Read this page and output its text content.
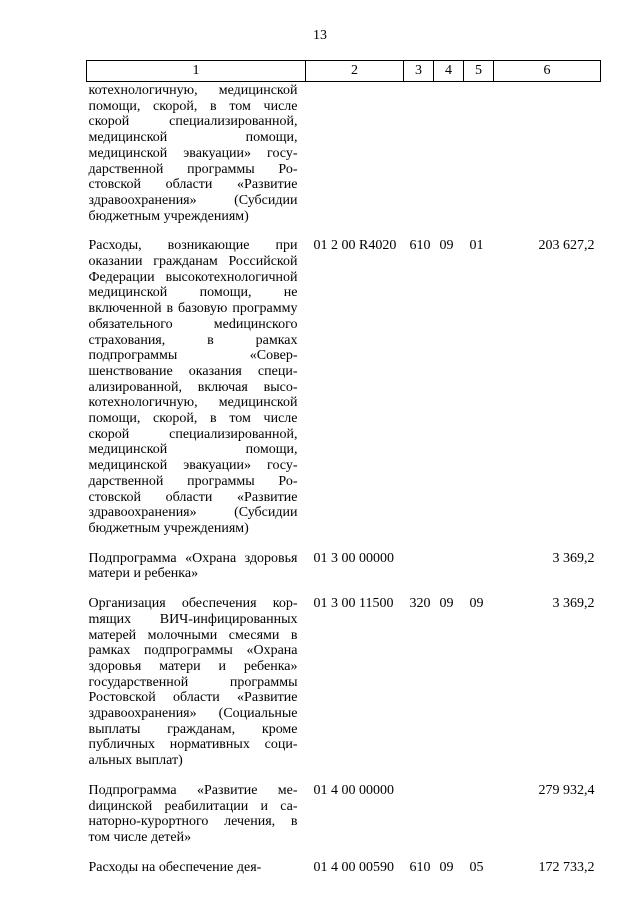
13
1	2	3	4	5	6
котехнологичную, медицинской помощи, скорой, в том числе скорой специализированной, медицинской помощи, медицинской эвакуации» государственной программы Ростовской области «Развитие здравоохранения» (Субсидии бюджетным учреждениям)					
Расходы, возникающие при оказании гражданам Российской Федерации высокотехнологичной медицинской помощи, не включенной в базовую программу обязательного меdицинского страхования, в рамках подпрограммы «Совершенствование оказания специализированной, включая высокотехнологичную, медицинской помощи, скорой, в том числе скорой специализированной, медицинской помощи, медицинской эвакуации» государственной программы Ростовской области «Развитие здравоохранения» (Субсидии бюджетным учреждениям)	01 2 00 R4020	610	09	01	203 627,2
Подпрограмма «Охрана здоровья матери и ребенка»	01 3 00 00000				3 369,2
Организация обеспечения корmящих ВИЧ-инфицированных матерей молочными смесями в рамках подпрограммы «Охрана здоровья матери и ребенка» государственной программы Ростовской области «Развитие здравоохранения» (Социальные выплаты гражданам, кроме публичных нормативных социальных выплат)	01 3 00 11500	320	09	09	3 369,2
Подпрограмма «Развитие меdицинской реабилитации и санаторно-курортного лечения, в том числе детей»	01 4 00 00000				279 932,4
Расходы на обеспечение дея-	01 4 00 00590	610	09	05	172 733,2
